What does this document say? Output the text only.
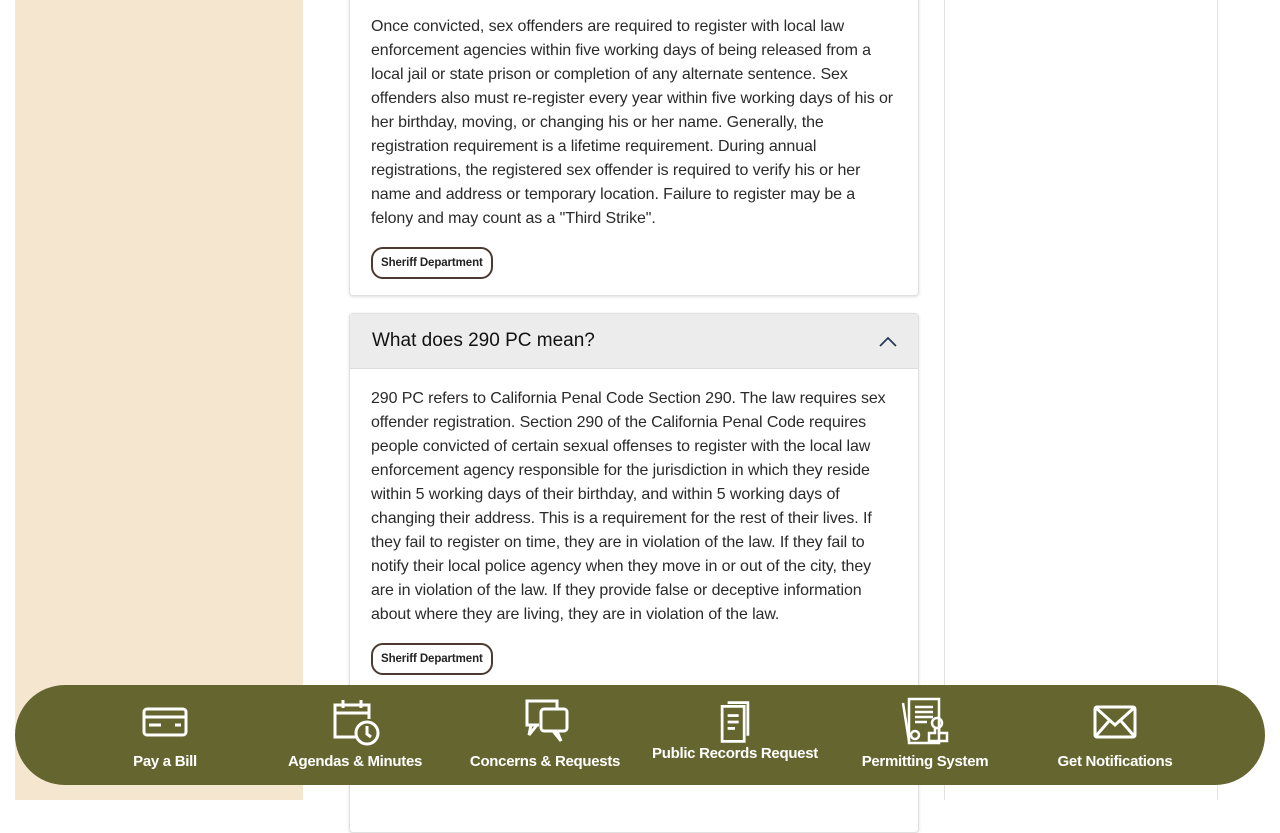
Once convicted, sex offenders are required to register with local law enforcement agencies within five working days of being released from a local jail or state prison or completion of any alternate sentence. Sex offenders also must re-register every year within five working days of his or her birthday, moving, or changing his or her name. Generally, the registration requirement is a lifetime requirement. During annual registrations, the registered sex offender is required to verify his or her name and address or temporary location. Failure to register may be a felony and may count as a "Third Strike".

Sheriff Department
What does 290 PC mean?

290 PC refers to California Penal Code Section 290. The law requires sex offender registration. Section 290 of the California Penal Code requires people convicted of certain sexual offenses to register with the local law enforcement agency responsible for the jurisdiction in which they reside within 5 working days of their birthday, and within 5 working days of changing their address. This is a requirement for the rest of their lives. If they fail to register on time, they are in violation of the law. If they fail to notify their local police agency when they move in or out of the city, they are in violation of the law. If they provide false or deceptive information about where they are living, they are in violation of the law.

Sheriff Department
Pay a Bill	Agendas & Minutes	Concerns & Requests Public Records Request	Permitting System	Get Notifications
